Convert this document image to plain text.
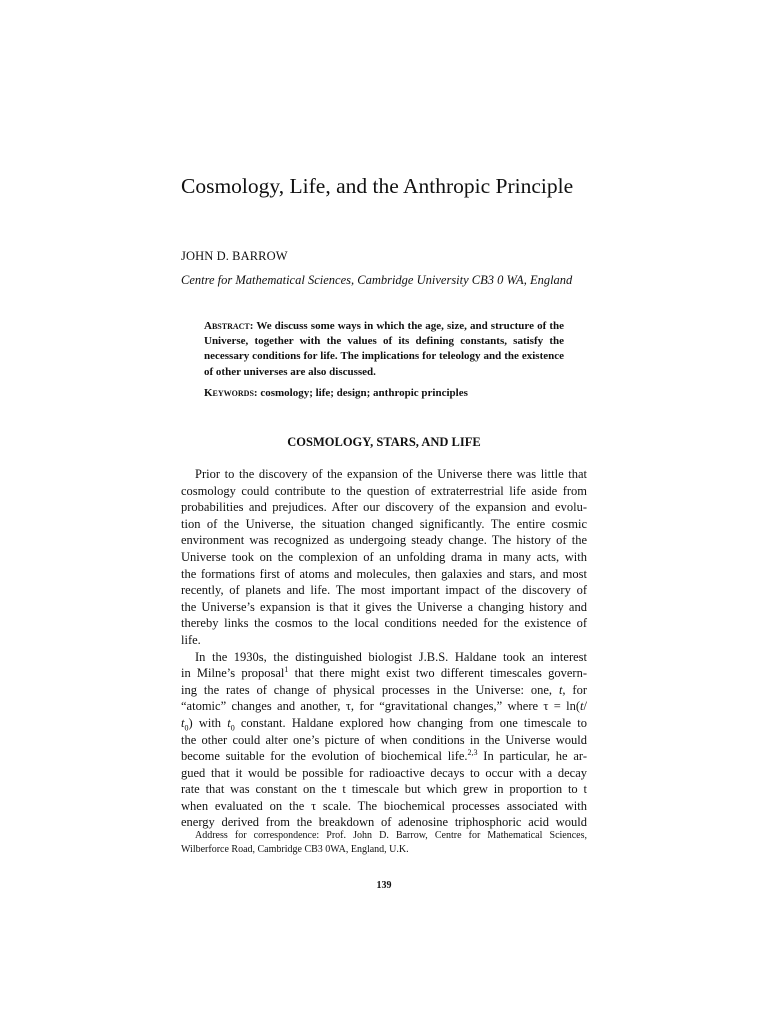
Cosmology, Life, and the Anthropic Principle
JOHN D. BARROW
Centre for Mathematical Sciences, Cambridge University CB3 0 WA, England

Abstract: We discuss some ways in which the age, size, and structure of the Universe, together with the values of its defining constants, satisfy the necessary conditions for life. The implications for teleology and the existence of other universes are also discussed.

Keywords: cosmology; life; design; anthropic principles

COSMOLOGY, STARS, AND LIFE
Prior to the discovery of the expansion of the Universe there was little that
cosmology could contribute to the question of extraterrestrial life aside from
probabilities and prejudices. After our discovery of the expansion and evolu-
tion of the Universe, the situation changed significantly. The entire cosmic
environment was recognized as undergoing steady change. The history of the
Universe took on the complexion of an unfolding drama in many acts, with
the formations first of atoms and molecules, then galaxies and stars, and most
recently, of planets and life. The most important impact of the discovery of
the Universe’s expansion is that it gives the Universe a changing history and
thereby links the cosmos to the local conditions needed for the existence of
life.
In the 1930s, the distinguished biologist J.B.S. Haldane took an interest
in Milne’s proposal$^1$ that there might exist two different timescales govern-
ing the rates of change of physical processes in the Universe: one, t, for
“atomic” changes and another, τ, for “gravitational changes,” where τ = ln(t/
$t_0$) with $t_0$ constant. Haldane explored how changing from one timescale to
the other could alter one’s picture of when conditions in the Universe would
become suitable for the evolution of biochemical life.$^{2,3}$ In particular, he ar-
gued that it would be possible for radioactive decays to occur with a decay
rate that was constant on the t timescale but which grew in proportion to t
when evaluated on the τ scale. The biochemical processes associated with
energy derived from the breakdown of adenosine triphosphoric acid would

Address for correspondence: Prof. John D. Barrow, Centre for Mathematical Sciences, Wilberforce Road, Cambridge CB3 0WA, England, U.K.

139
